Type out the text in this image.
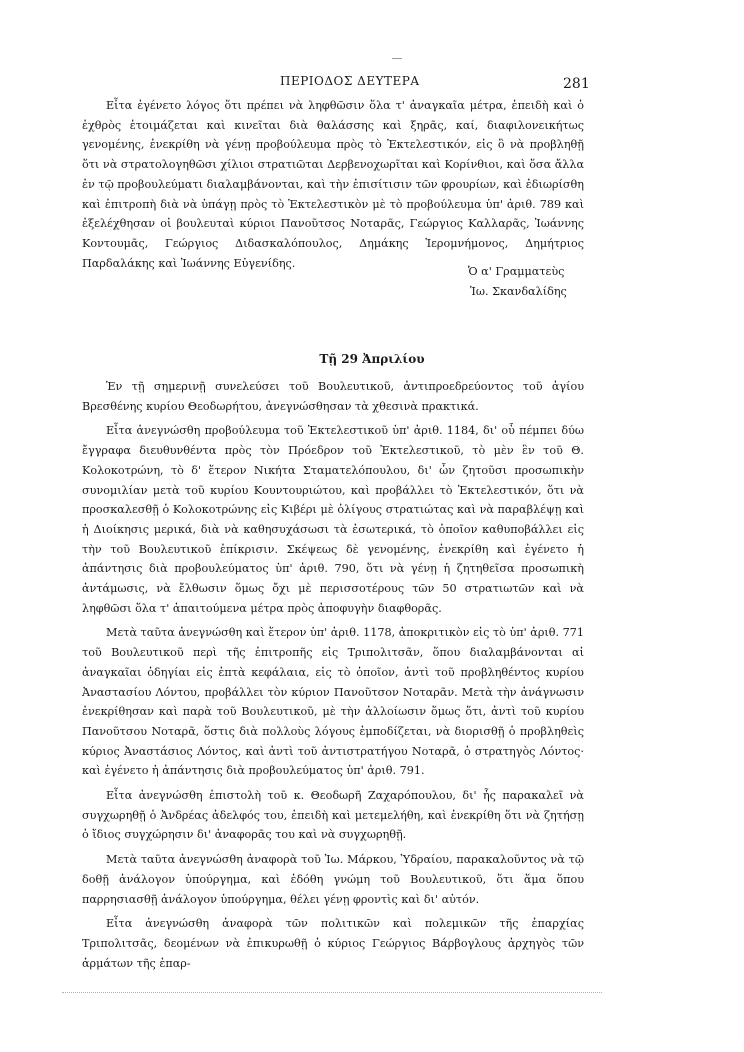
ΠΕΡΙΟΔΟΣ ΔΕΥΤΕΡΑ	281

Εἶτα ἐγένετο λόγος ὅτι πρέπει νὰ ληφθῶσιν ὅλα τ' ἀναγκαῖα μέτρα, ἐπειδὴ καὶ ὁ ἐχθρὸς ἑτοιμάζεται καὶ κινεῖται διὰ θαλάσσης καὶ ξηρᾶς, καί, διαφιλονεικήτως γενομένης, ἐνεκρίθη νὰ γένῃ προβούλευμα πρὸς τὸ Ἐκτελεστικόν, εἰς ὃ νὰ προβληθῇ ὅτι νὰ στρατολογηθῶσι χίλιοι στρατιῶται Δερβενοχωρῖται καὶ Κορίνθιοι, καὶ ὅσα ἄλλα ἐν τῷ προβουλεύματι διαλαμβάνονται, καὶ τὴν ἐπισίτισιν τῶν φρουρίων, καὶ ἐδιωρίσθη καὶ ἐπιτροπὴ διὰ νὰ ὑπάγῃ πρὸς τὸ Ἐκτελεστικὸν μὲ τὸ προβούλευμα ὑπ' ἀριθ. 789 καὶ ἐξελέχθησαν οἱ βουλευταὶ κύριοι Πανοῦτσος Νοταρᾶς, Γεώργιος Καλλαρᾶς, Ἰωάννης Κοντουμᾶς, Γεώργιος Διδασκαλόπουλος, Δημάκης Ἱερομνήμονος, Δημήτριος Παρδαλάκης καὶ Ἰωάννης Εὐγενίδης.

Ὁ α' Γραμματεὺς
Ἰω. Σκανδαλίδης
Τῇ 29 Ἀπριλίου

Ἐν τῇ σημερινῇ συνελεύσει τοῦ Βουλευτικοῦ, ἀντιπροεδρεύοντος τοῦ ἁγίου Βρεσθένης κυρίου Θεοδωρήτου, ἀνεγνώσθησαν τὰ χθεσινὰ πρακτικά.

Εἶτα ἀνεγνώσθη προβούλευμα τοῦ Ἐκτελεστικοῦ ὑπ' ἀριθ. 1184, δι' οὗ πέμπει δύω ἔγγραφα διευθυνθέντα πρὸς τὸν Πρόεδρον τοῦ Ἐκτελεστικοῦ, τὸ μὲν ἓν τοῦ Θ. Κολοκοτρώνη, τὸ δ' ἕτερον Νικήτα Σταματελόπουλου, δι' ὧν ζητοῦσι προσωπικὴν συνομιλίαν μετὰ τοῦ κυρίου Κουντουριώτου, καὶ προβάλλει τὸ Ἐκτελεστικόν, ὅτι νὰ προσκαλεσθῇ ὁ Κολοκοτρώνης εἰς Κιβέρι μὲ ὀλίγους στρατιώτας καὶ νὰ παραβλέψῃ καὶ ἡ Διοίκησις μερικά, διὰ νὰ καθησυχάσωσι τὰ ἐσωτερικά, τὸ ὁποῖον καθυποβάλλει εἰς τὴν τοῦ Βουλευτικοῦ ἐπίκρισιν. Σκέψεως δὲ γενομένης, ἐνεκρίθη καὶ ἐγένετο ἡ ἀπάντησις διὰ προβουλεύματος ὑπ' ἀριθ. 790, ὅτι νὰ γένῃ ἡ ζητηθεῖσα προσωπικὴ ἀντάμωσις, νὰ ἔλθωσιν ὅμως ὄχι μὲ περισσοτέρους τῶν 50 στρατιωτῶν καὶ νὰ ληφθῶσι ὅλα τ' ἀπαιτούμενα μέτρα πρὸς ἀποφυγὴν διαφθορᾶς.

Μετὰ ταῦτα ἀνεγνώσθη καὶ ἕτερον ὑπ' ἀριθ. 1178, ἀποκριτικὸν εἰς τὸ ὑπ' ἀριθ. 771 τοῦ Βουλευτικοῦ περὶ τῆς ἐπιτροπῆς εἰς Τριπολιτσᾶν, ὅπου διαλαμβάνονται αἱ ἀναγκαῖαι ὁδηγίαι εἰς ἑπτὰ κεφάλαια, εἰς τὸ ὁποῖον, ἀντὶ τοῦ προβληθέντος κυρίου Ἀναστασίου Λόντου, προβάλλει τὸν κύριον Πανοῦτσον Νοταρᾶν. Μετὰ τὴν ἀνάγνωσιν ἐνεκρίθησαν καὶ παρὰ τοῦ Βουλευτικοῦ, μὲ τὴν ἀλλοίωσιν ὅμως ὅτι, ἀντὶ τοῦ κυρίου Πανοῦτσου Νοταρᾶ, ὅστις διὰ πολλοὺς λόγους ἐμποδίζεται, νὰ διορισθῇ ὁ προβληθεὶς κύριος Ἀναστάσιος Λόντος, καὶ ἀντὶ τοῦ ἀντιστρατήγου Νοταρᾶ, ὁ στρατηγὸς Λόντος· καὶ ἐγένετο ἡ ἀπάντησις διὰ προβουλεύματος ὑπ' ἀριθ. 791.

Εἶτα ἀνεγνώσθη ἐπιστολὴ τοῦ κ. Θεοδωρῆ Ζαχαρόπουλου, δι' ἧς παρακαλεῖ νὰ συγχωρηθῇ ὁ Ἀνδρέας ἀδελφός του, ἐπειδὴ καὶ μετεμελήθη, καὶ ἐνεκρίθη ὅτι νὰ ζητήσῃ ὁ ἴδιος συγχώρησιν δι' ἀναφορᾶς του καὶ νὰ συγχωρηθῇ.

Μετὰ ταῦτα ἀνεγνώσθη ἀναφορὰ τοῦ Ἰω. Μάρκου, Ὑδραίου, παρακαλοῦντος νὰ τῷ δοθῇ ἀνάλογον ὑπούργημα, καὶ ἐδόθη γνώμη τοῦ Βουλευτικοῦ, ὅτι ἅμα ὅπου παρρησιασθῇ ἀνάλογον ὑπούργημα, θέλει γένῃ φροντὶς καὶ δι' αὐτόν.

Εἶτα ἀνεγνώσθη ἀναφορὰ τῶν πολιτικῶν καὶ πολεμικῶν τῆς ἐπαρχίας Τριπολιτσᾶς, δεομένων νὰ ἐπικυρωθῇ ὁ κύριος Γεώργιος Βάρβογλους ἀρχηγὸς τῶν ἁρμάτων τῆς ἐπαρ-
